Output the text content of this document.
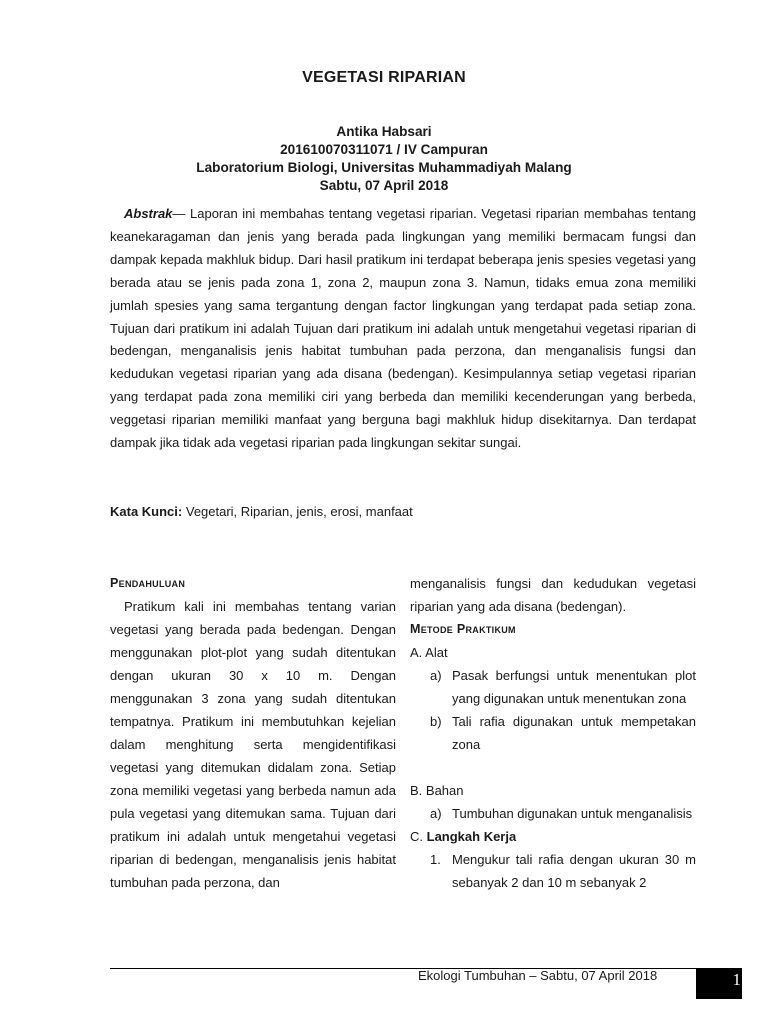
VEGETASI RIPARIAN
Antika Habsari
201610070311071 / IV Campuran
Laboratorium Biologi, Universitas Muhammadiyah Malang
Sabtu, 07 April 2018
Abstrak— Laporan ini membahas tentang vegetasi riparian. Vegetasi riparian membahas tentang keanekaragaman dan jenis yang berada pada lingkungan yang memiliki bermacam fungsi dan dampak kepada makhluk bidup. Dari hasil pratikum ini terdapat beberapa jenis spesies vegetasi yang berada atau se jenis pada zona 1, zona 2, maupun zona 3. Namun, tidaks emua zona memiliki jumlah spesies yang sama tergantung dengan factor lingkungan yang terdapat pada setiap zona. Tujuan dari pratikum ini adalah Tujuan dari pratikum ini adalah untuk mengetahui vegetasi riparian di bedengan, menganalisis jenis habitat tumbuhan pada perzona, dan menganalisis fungsi dan kedudukan vegetasi riparian yang ada disana (bedengan). Kesimpulannya setiap vegetasi riparian yang terdapat pada zona memiliki ciri yang berbeda dan memiliki kecenderungan yang berbeda, veggetasi riparian memiliki manfaat yang berguna bagi makhluk hidup disekitarnya. Dan terdapat dampak jika tidak ada vegetasi riparian pada lingkungan sekitar sungai.
Kata Kunci: Vegetari, Riparian, jenis, erosi, manfaat
Pendahuluan
Pratikum kali ini membahas tentang varian vegetasi yang berada pada bedengan. Dengan menggunakan plot-plot yang sudah ditentukan dengan ukuran 30 x 10 m. Dengan menggunakan 3 zona yang sudah ditentukan tempatnya. Pratikum ini membutuhkan kejelian dalam menghitung serta mengidentifikasi vegetasi yang ditemukan didalam zona. Setiap zona memiliki vegetasi yang berbeda namun ada pula vegetasi yang ditemukan sama. Tujuan dari pratikum ini adalah untuk mengetahui vegetasi riparian di bedengan, menganalisis jenis habitat tumbuhan pada perzona, dan
menganalisis fungsi dan kedudukan vegetasi riparian yang ada disana (bedengan).
Metode Praktikum
A. Alat
a) Pasak berfungsi untuk menentukan plot yang digunakan untuk menentukan zona
b) Tali rafia digunakan untuk mempetakan zona
B. Bahan
a) Tumbuhan digunakan untuk menganalisis
C. Langkah Kerja
1. Mengukur tali rafia dengan ukuran 30 m sebanyak 2 dan 10 m sebanyak 2
Ekologi Tumbuhan – Sabtu, 07 April 2018	1
